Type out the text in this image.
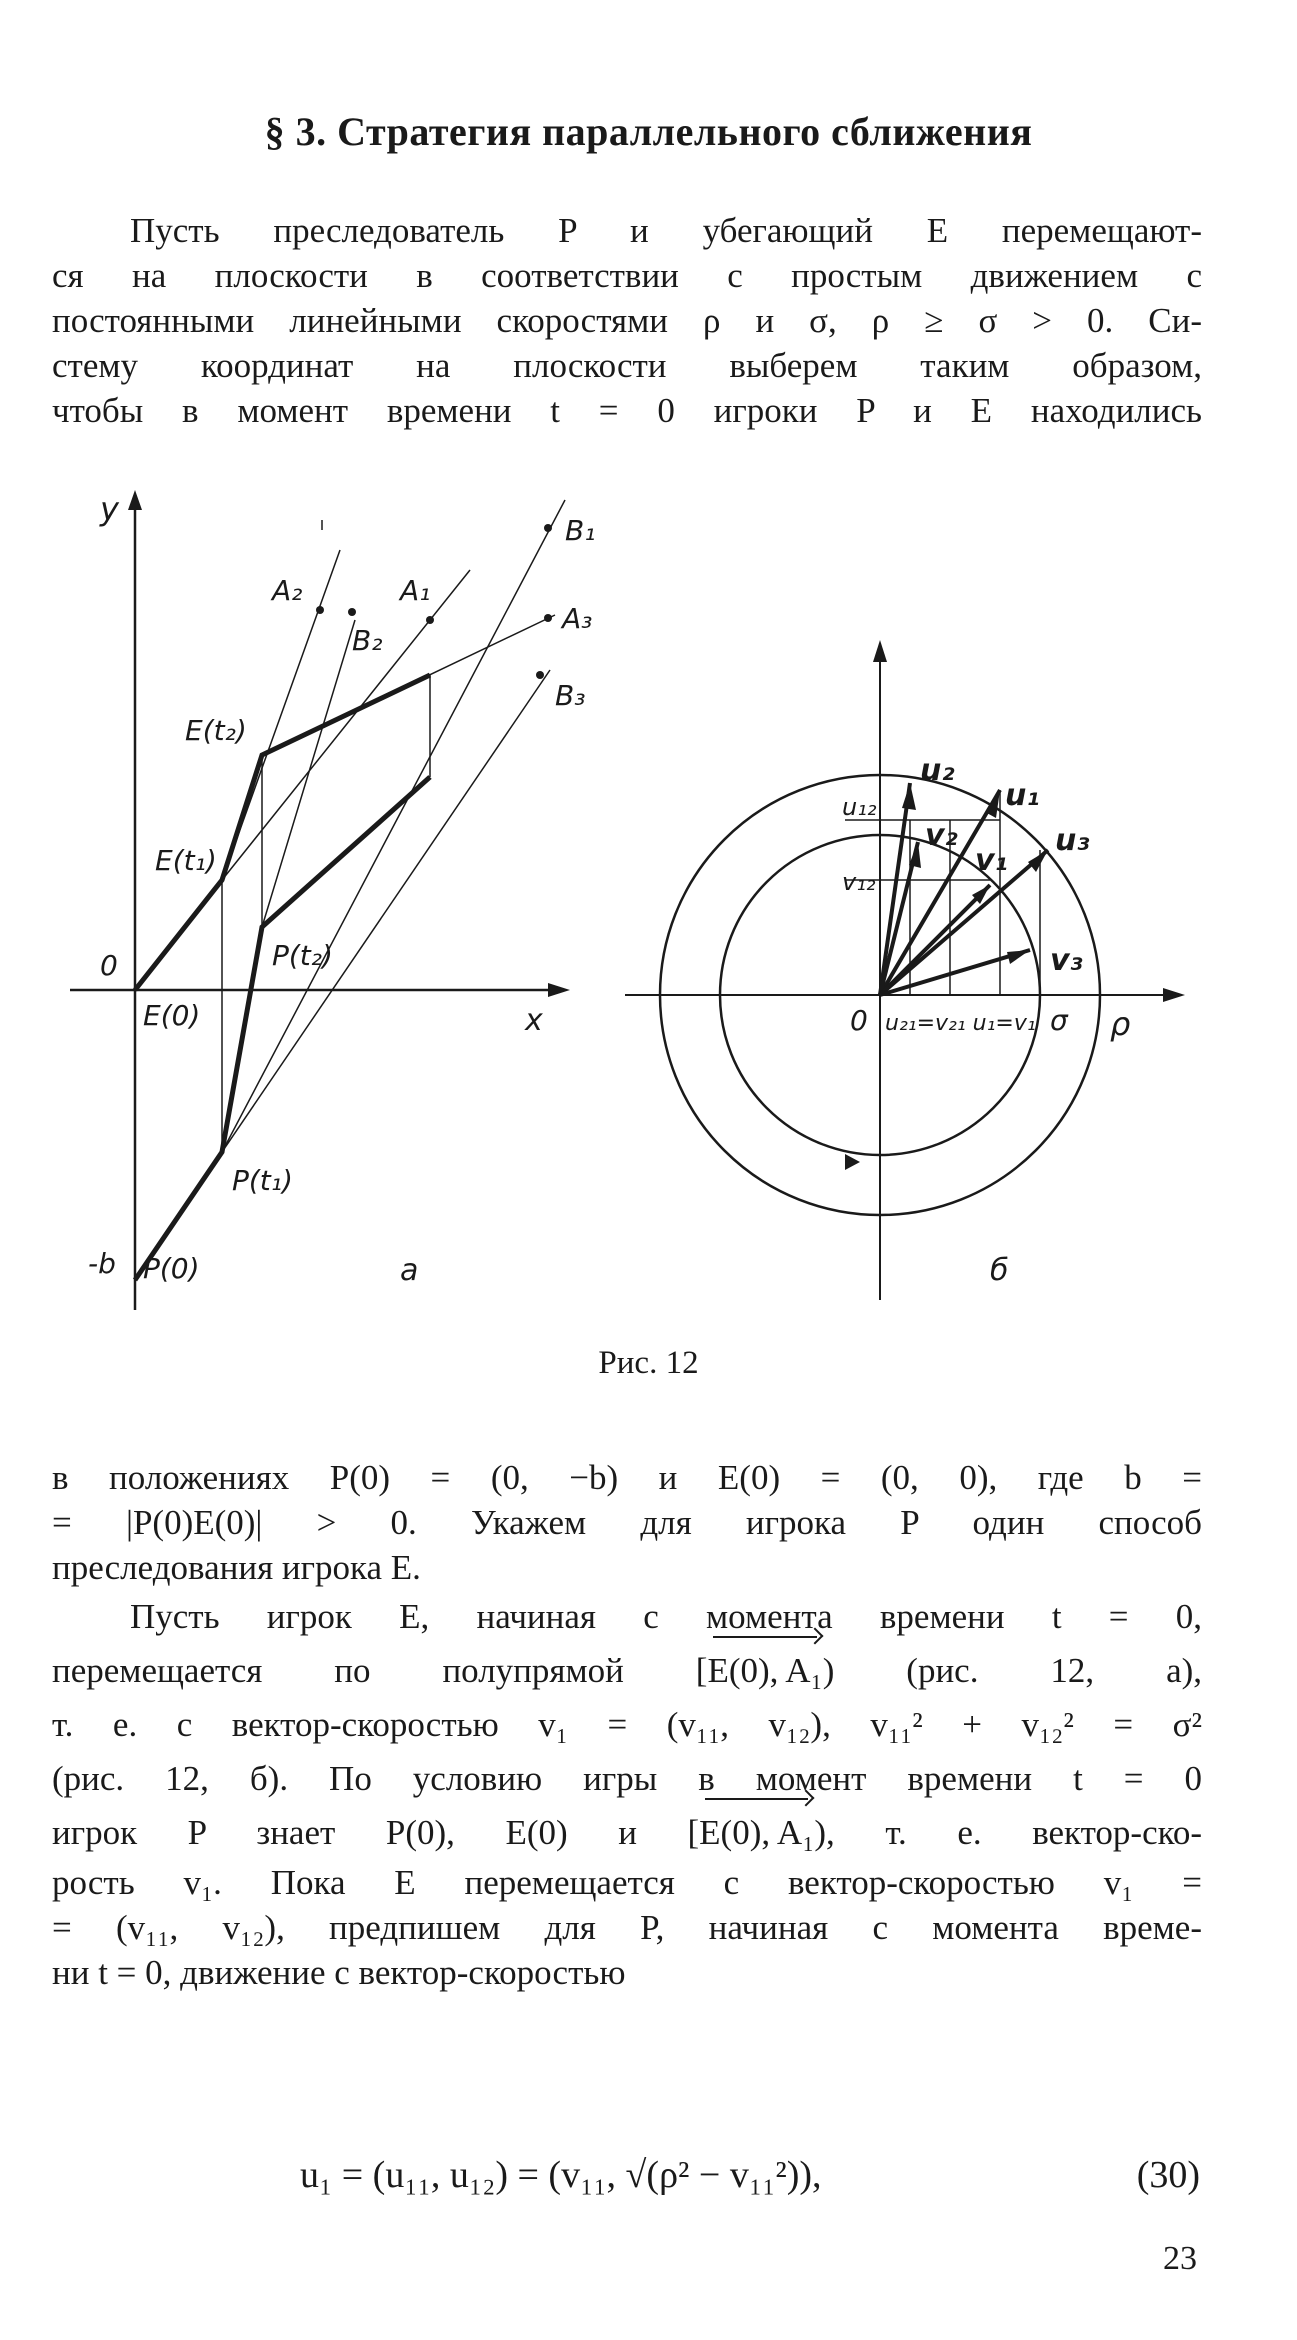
§ 3. Стратегия параллельного сближения
Пусть преследователь P и убегающий E перемещают-
ся на плоскости в соответствии с простым движением с
постоянными линейными скоростями ρ и σ, ρ ≥ σ > 0. Си-
стему координат на плоскости выберем таким образом,
чтобы в момент времени t = 0 игроки P и E находились
y
x
0
-b
E(0)
E(t₁)
E(t₂)
P(0)
P(t₁)
P(t₂)
A₂	A₁
A₃
B₂
B₁
B₃
а
u₂
u₁
u₃
v₂
v₁
v₃
u₁₂
v₁₂
0 u₂₁=v₂₁ u₁=v₁ σ ρ
б
Рис. 12
в положениях P(0) = (0, −b) и E(0) = (0, 0), где b =
= |P(0)E(0)| > 0. Укажем для игрока P один способ
преследования игрока E.
Пусть игрок E, начиная с момента времени t = 0,
перемещается по полупрямой [E(0), A₁) (рис. 12, а),
т. е. с вектор-скоростью v₁ = (v₁₁, v₁₂), v₁₁² + v₁₂² = σ²
(рис. 12, б). По условию игры в момент времени t = 0
игрок P знает P(0), E(0) и [E(0), A₁), т. е. вектор-ско-
рость v₁. Пока E перемещается с вектор-скоростью v₁ =
= (v₁₁, v₁₂), предпишем для P, начиная с момента време-
ни t = 0, движение с вектор-скоростью
u₁ = (u₁₁, u₁₂) = (v₁₁, √(ρ² − v₁₁²)),	(30)
23
